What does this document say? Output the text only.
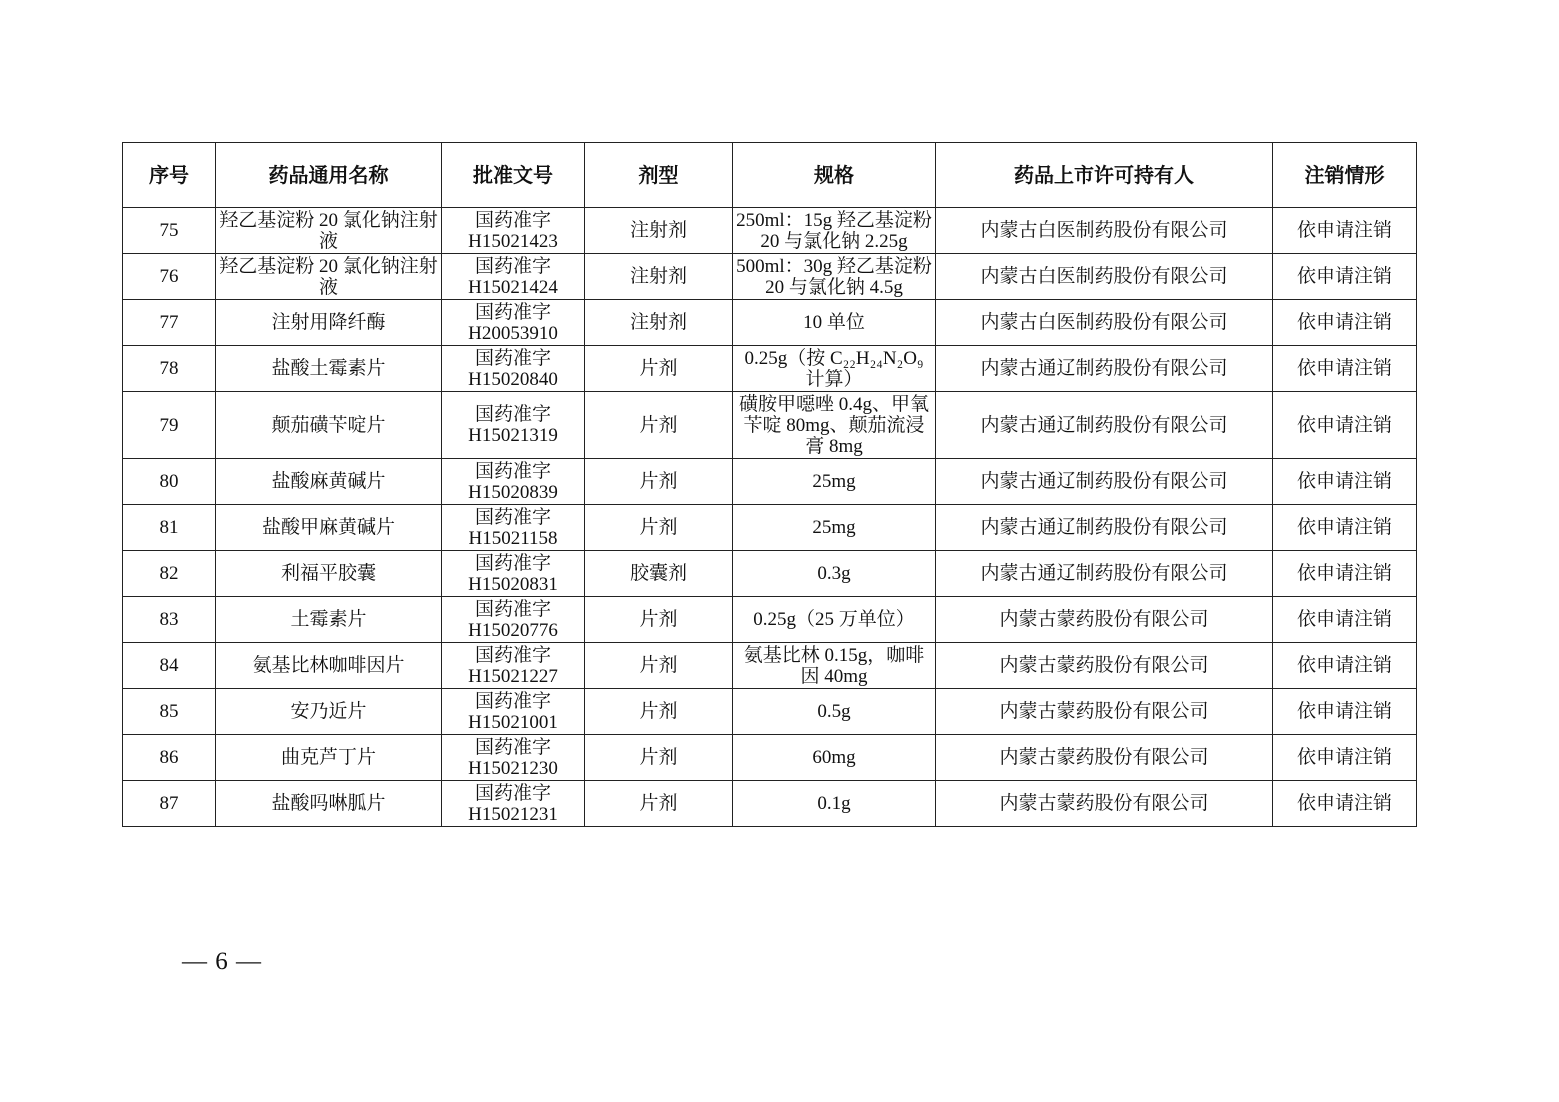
序号	药品通用名称	批准文号	剂型	规格	药品上市许可持有人	注销情形
75	羟乙基淀粉 20 氯化钠注射液	国药准字 H15021423	注射剂	250ml：15g 羟乙基淀粉 20 与氯化钠 2.25g	内蒙古白医制药股份有限公司	依申请注销
76	羟乙基淀粉 20 氯化钠注射液	国药准字 H15021424	注射剂	500ml：30g 羟乙基淀粉 20 与氯化钠 4.5g	内蒙古白医制药股份有限公司	依申请注销
77	注射用降纤酶	国药准字 H20053910	注射剂	10 单位	内蒙古白医制药股份有限公司	依申请注销
78	盐酸土霉素片	国药准字 H15020840	片剂	0.25g（按 C₂₂H₂₄N₂O₉ 计算）	内蒙古通辽制药股份有限公司	依申请注销
79	颠茄磺苄啶片	国药准字 H15021319	片剂	磺胺甲噁唑 0.4g、甲氧苄啶 80mg、颠茄流浸膏 8mg	内蒙古通辽制药股份有限公司	依申请注销
80	盐酸麻黄碱片	国药准字 H15020839	片剂	25mg	内蒙古通辽制药股份有限公司	依申请注销
81	盐酸甲麻黄碱片	国药准字 H15021158	片剂	25mg	内蒙古通辽制药股份有限公司	依申请注销
82	利福平胶囊	国药准字 H15020831	胶囊剂	0.3g	内蒙古通辽制药股份有限公司	依申请注销
83	土霉素片	国药准字 H15020776	片剂	0.25g（25 万单位）	内蒙古蒙药股份有限公司	依申请注销
84	氨基比林咖啡因片	国药准字 H15021227	片剂	氨基比林 0.15g，咖啡因 40mg	内蒙古蒙药股份有限公司	依申请注销
85	安乃近片	国药准字 H15021001	片剂	0.5g	内蒙古蒙药股份有限公司	依申请注销
86	曲克芦丁片	国药准字 H15021230	片剂	60mg	内蒙古蒙药股份有限公司	依申请注销
87	盐酸吗啉胍片	国药准字 H15021231	片剂	0.1g	内蒙古蒙药股份有限公司	依申请注销
— 6 —
